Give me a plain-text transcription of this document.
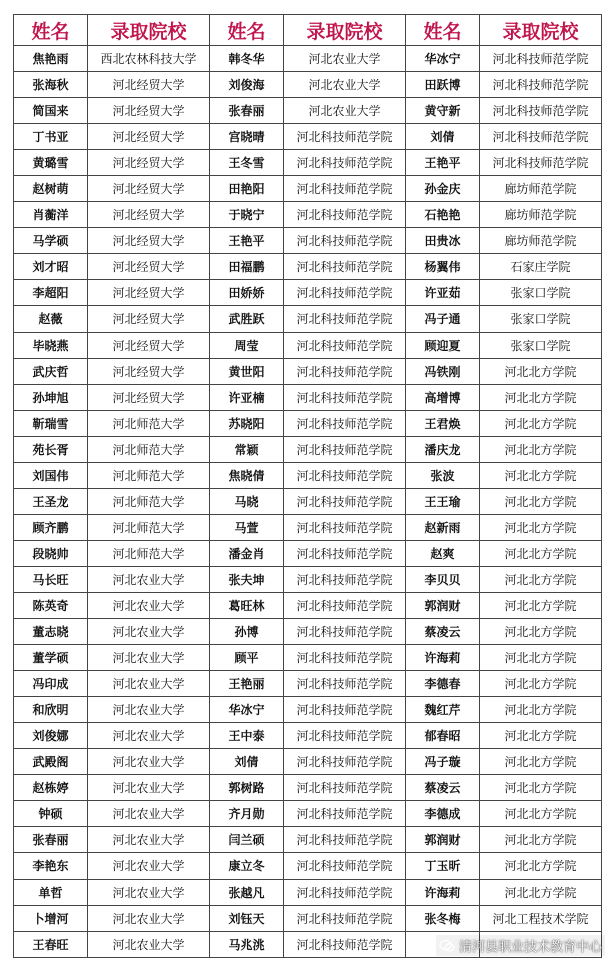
姓名	录取院校	姓名	录取院校	姓名	录取院校
焦艳雨	西北农林科技大学	韩冬华	河北农业大学	华冰宁	河北科技师范学院
张海秋	河北经贸大学	刘俊海	河北农业大学	田跃博	河北科技师范学院
简国来	河北经贸大学	张春丽	河北农业大学	黄守新	河北科技师范学院
丁书亚	河北经贸大学	宫晓晴	河北科技师范学院	刘倩	河北科技师范学院
黄璐雪	河北经贸大学	王冬雪	河北科技师范学院	王艳平	河北科技师范学院
赵树萌	河北经贸大学	田艳阳	河北科技师范学院	孙金庆	廊坊师范学院
肖蘅洋	河北经贸大学	于晓宁	河北科技师范学院	石艳艳	廊坊师范学院
马学硕	河北经贸大学	王艳平	河北科技师范学院	田贵冰	廊坊师范学院
刘才昭	河北经贸大学	田福鹏	河北科技师范学院	杨翼伟	石家庄学院
李超阳	河北经贸大学	田娇娇	河北科技师范学院	许亚茹	张家口学院
赵薇	河北经贸大学	武胜跃	河北科技师范学院	冯子通	张家口学院
毕晓燕	河北经贸大学	周莹	河北科技师范学院	顾迎夏	张家口学院
武庆哲	河北经贸大学	黄世阳	河北科技师范学院	冯铁刚	河北北方学院
孙坤旭	河北经贸大学	许亚楠	河北科技师范学院	高增博	河北北方学院
靳瑞雪	河北师范大学	苏晓阳	河北科技师范学院	王君焕	河北北方学院
苑长胥	河北师范大学	常颖	河北科技师范学院	潘庆龙	河北北方学院
刘国伟	河北师范大学	焦晓倩	河北科技师范学院	张波	河北北方学院
王圣龙	河北师范大学	马晓	河北科技师范学院	王王瑜	河北北方学院
顾齐鹏	河北师范大学	马萱	河北科技师范学院	赵新雨	河北北方学院
段晓帅	河北师范大学	潘金肖	河北科技师范学院	赵爽	河北北方学院
马长旺	河北农业大学	张夫坤	河北科技师范学院	李贝贝	河北北方学院
陈英奇	河北农业大学	葛旺林	河北科技师范学院	郭润财	河北北方学院
董志晓	河北农业大学	孙博	河北科技师范学院	蔡凌云	河北北方学院
董学硕	河北农业大学	顾平	河北科技师范学院	许海莉	河北北方学院
冯印成	河北农业大学	王艳丽	河北科技师范学院	李德春	河北北方学院
和欣明	河北农业大学	华冰宁	河北科技师范学院	魏红芹	河北北方学院
刘俊娜	河北农业大学	王中泰	河北科技师范学院	郁春昭	河北北方学院
武殿阁	河北农业大学	刘倩	河北科技师范学院	冯子璇	河北北方学院
赵栋婷	河北农业大学	郭树路	河北科技师范学院	蔡凌云	河北北方学院
钟硕	河北农业大学	齐月勋	河北科技师范学院	李德成	河北北方学院
张春丽	河北农业大学	闫兰硕	河北科技师范学院	郭润财	河北北方学院
李艳东	河北农业大学	康立冬	河北科技师范学院	丁玉昕	河北北方学院
单哲	河北农业大学	张越凡	河北科技师范学院	许海莉	河北北方学院
卜增河	河北农业大学	刘钰天	河北科技师范学院	张冬梅	河北工程技术学院
王春旺	河北农业大学	马兆洮	河北科技师范学院			清河县职业技术教育中心
